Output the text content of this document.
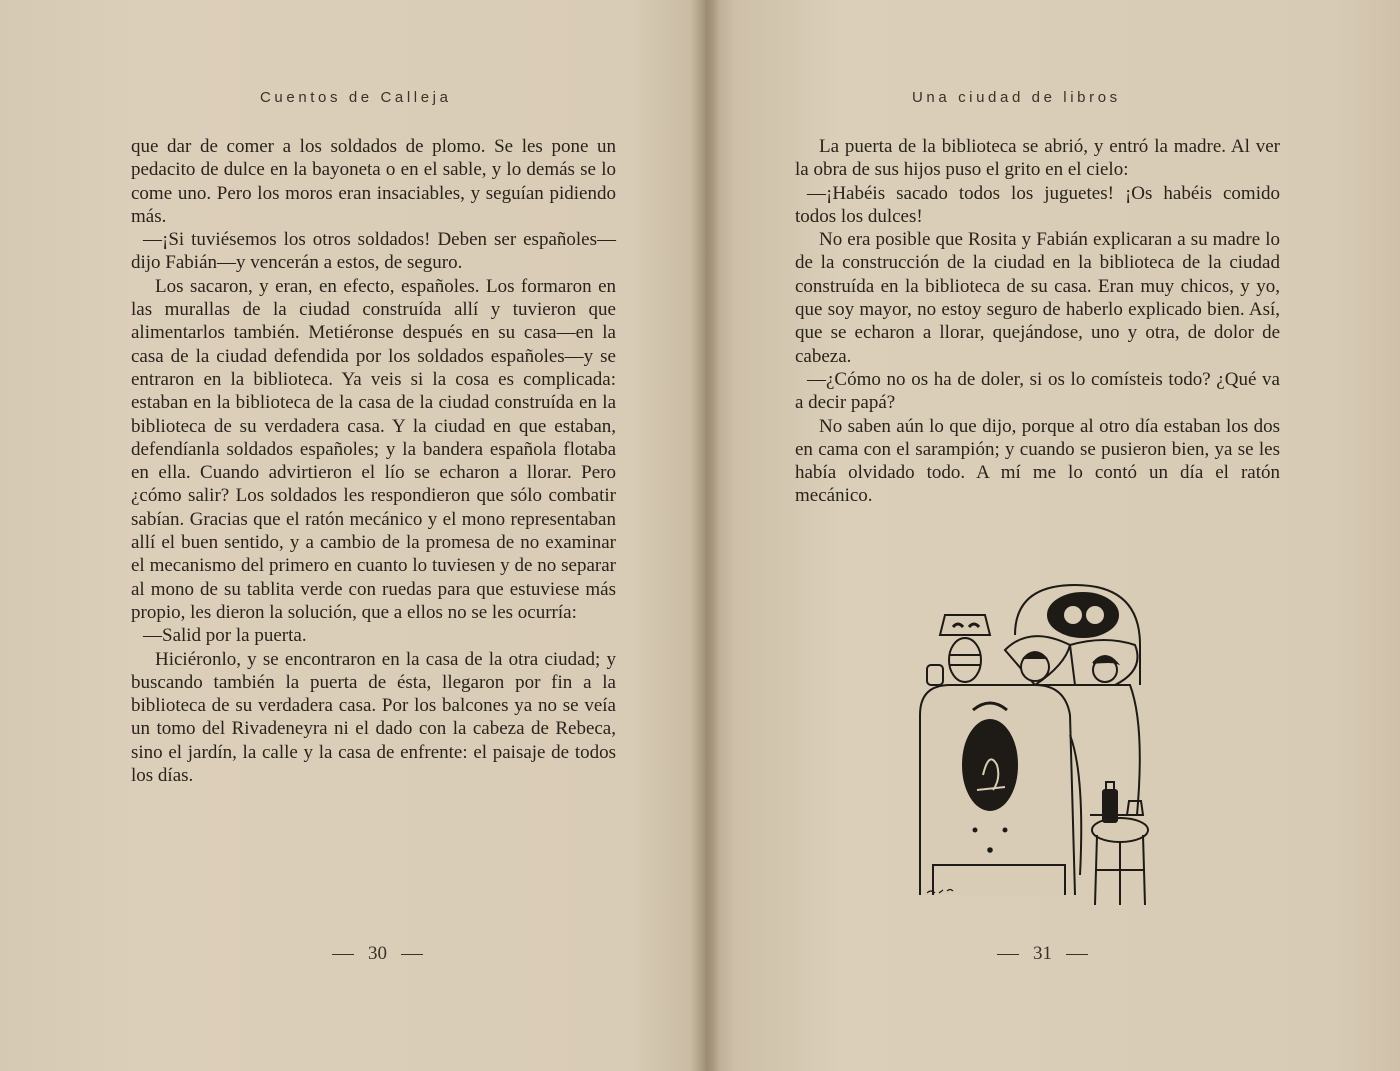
Cuentos de Calleja

que dar de comer a los soldados de plomo. Se les pone un pedacito de dulce en la bayoneta o en el sable, y lo demás se lo come uno. Pero los moros eran insaciables, y seguían pidiendo más.

—¡Si tuviésemos los otros soldados! Deben ser españoles—dijo Fabián—y vencerán a estos, de seguro.

Los sacaron, y eran, en efecto, españoles. Los formaron en las murallas de la ciudad construída allí y tuvieron que alimentarlos también. Metiéronse después en su casa—en la casa de la ciudad defendida por los soldados españoles—y se entraron en la biblioteca. Ya veis si la cosa es complicada: estaban en la biblioteca de la casa de la ciudad construída en la biblioteca de su verdadera casa. Y la ciudad en que estaban, defendíanla soldados españoles; y la bandera española flotaba en ella. Cuando advirtieron el lío se echaron a llorar. Pero ¿cómo salir? Los soldados les respondieron que sólo combatir sabían. Gracias que el ratón mecánico y el mono representaban allí el buen sentido, y a cambio de la promesa de no examinar el mecanismo del primero en cuanto lo tuviesen y de no separar al mono de su tablita verde con ruedas para que estuviese más propio, les dieron la solución, que a ellos no se les ocurría:

—Salid por la puerta.

Hiciéronlo, y se encontraron en la casa de la otra ciudad; y buscando también la puerta de ésta, llegaron por fin a la biblioteca de su verdadera casa. Por los balcones ya no se veía un tomo del Rivadeneyra ni el dado con la cabeza de Rebeca, sino el jardín, la calle y la casa de enfrente: el paisaje de todos los días.

30
Una ciudad de libros

La puerta de la biblioteca se abrió, y entró la madre. Al ver la obra de sus hijos puso el grito en el cielo:

—¡Habéis sacado todos los juguetes! ¡Os habéis comido todos los dulces!

No era posible que Rosita y Fabián explicaran a su madre lo de la construcción de la ciudad en la biblioteca de la ciudad construída en la biblioteca de su casa. Eran muy chicos, y yo, que soy mayor, no estoy seguro de haberlo explicado bien. Así, que se echaron a llorar, quejándose, uno y otra, de dolor de cabeza.

—¿Cómo no os ha de doler, si os lo comísteis todo? ¿Qué va a decir papá?

No saben aún lo que dijo, porque al otro día estaban los dos en cama con el sarampión; y cuando se pusieron bien, ya se les había olvidado todo. A mí me lo contó un día el ratón mecánico.

31
